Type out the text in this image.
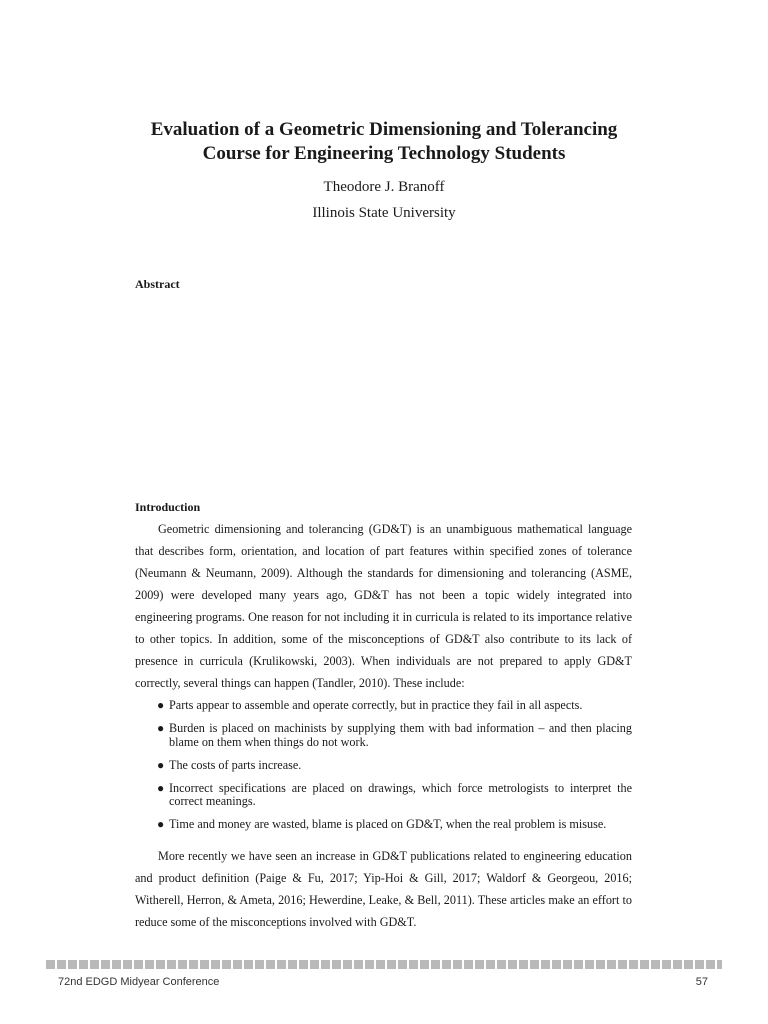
Evaluation of a Geometric Dimensioning and Tolerancing
Course for Engineering Technology Students
Theodore J. Branoff
Illinois State University
Abstract
Introduction

Geometric dimensioning and tolerancing (GD&T) is an unambiguous mathematical language that describes form, orientation, and location of part features within specified zones of tolerance (Neumann & Neumann, 2009). Although the standards for dimensioning and tolerancing (ASME, 2009) were developed many years ago, GD&T has not been a topic widely integrated into engineering programs. One reason for not including it in curricula is related to its importance relative to other topics. In addition, some of the misconceptions of GD&T also contribute to its lack of presence in curricula (Krulikowski, 2003). When individuals are not prepared to apply GD&T correctly, several things can happen (Tandler, 2010). These include:

● Parts appear to assemble and operate correctly, but in practice they fail in all aspects.
● Burden is placed on machinists by supplying them with bad information – and then placing blame on them when things do not work.
● The costs of parts increase.
● Incorrect specifications are placed on drawings, which force metrologists to interpret the correct meanings.
● Time and money are wasted, blame is placed on GD&T, when the real problem is misuse.

More recently we have seen an increase in GD&T publications related to engineering education and product definition (Paige & Fu, 2017; Yip-Hoi & Gill, 2017; Waldorf & Georgeou, 2016; Witherell, Herron, & Ameta, 2016; Hewerdine, Leake, & Bell, 2011). These articles make an effort to reduce some of the misconceptions involved with GD&T.

72nd EDGD Midyear Conference	57
